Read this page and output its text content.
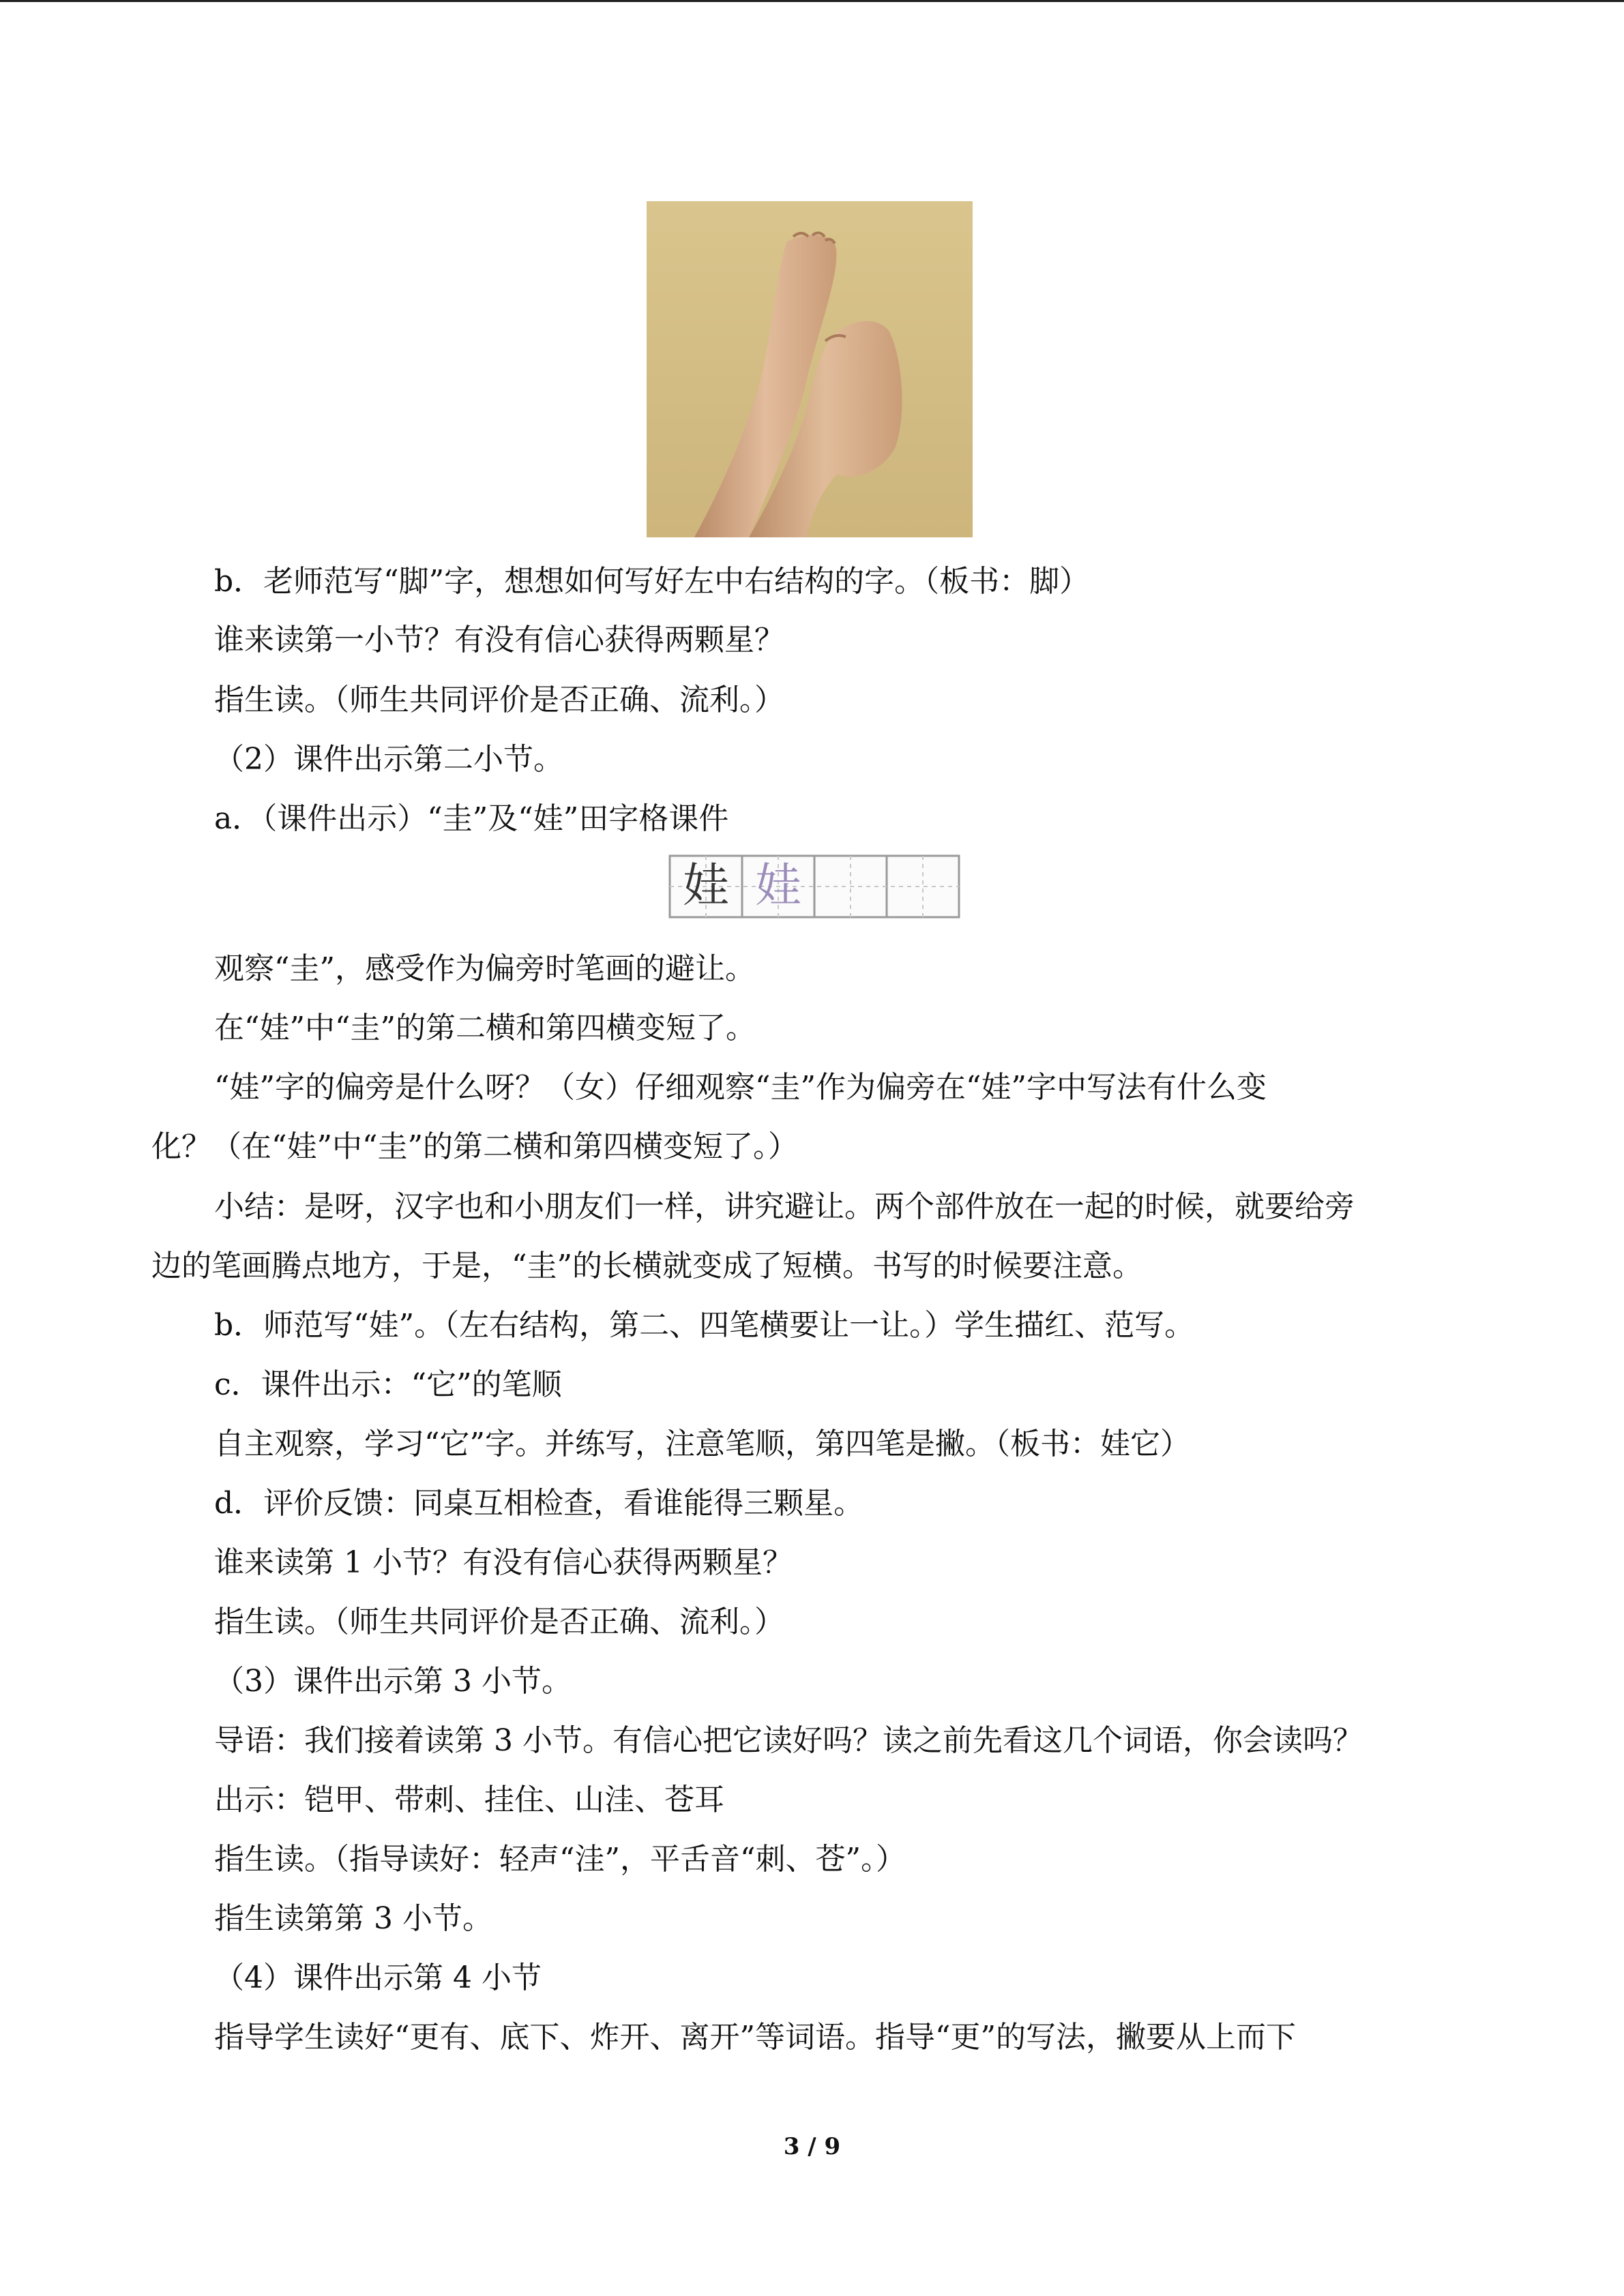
b．老师范写“脚”字，想想如何写好左中右结构的字。（板书：脚）
谁来读第一小节？有没有信心获得两颗星？
指生读。（师生共同评价是否正确、流利。）
（2）课件出示第二小节。
a．（课件出示）“圭”及“娃”田字格课件
娃 娃
观察“圭”，感受作为偏旁时笔画的避让。
在“娃”中“圭”的第二横和第四横变短了。
“娃”字的偏旁是什么呀？（女）仔细观察“圭”作为偏旁在“娃”字中写法有什么变
化？（在“娃”中“圭”的第二横和第四横变短了。）
小结：是呀，汉字也和小朋友们一样，讲究避让。两个部件放在一起的时候，就要给旁
边的笔画腾点地方，于是，“圭”的长横就变成了短横。书写的时候要注意。
b．师范写“娃”。（左右结构，第二、四笔横要让一让。）学生描红、范写。
c．课件出示：“它”的笔顺
自主观察，学习“它”字。并练写，注意笔顺，第四笔是撇。（板书：娃它）
d．评价反馈：同桌互相检查，看谁能得三颗星。
谁来读第 1 小节？有没有信心获得两颗星？
指生读。（师生共同评价是否正确、流利。）
（3）课件出示第 3 小节。
导语：我们接着读第 3 小节。有信心把它读好吗？读之前先看这几个词语，你会读吗？
出示：铠甲、带刺、挂住、山洼、苍耳
指生读。（指导读好：轻声“洼”，平舌音“刺、苍”。）
指生读第第 3 小节。
（4）课件出示第 4 小节
指导学生读好“更有、底下、炸开、离开”等词语。指导“更”的写法，撇要从上而下
3 / 9
